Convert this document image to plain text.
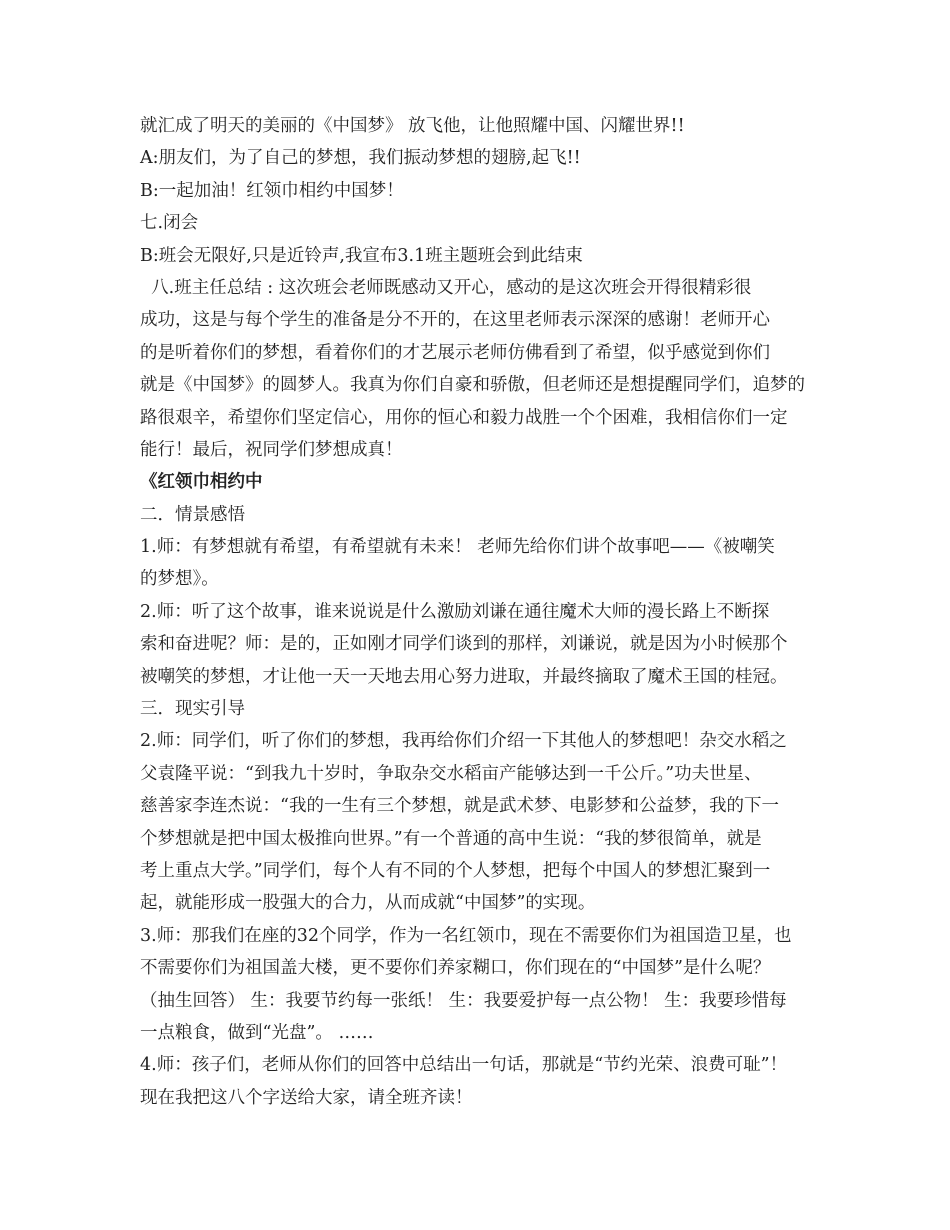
就汇成了明天的美丽的《中国梦》 放飞他，让他照耀中国、闪耀世界!!
A:朋友们，为了自己的梦想，我们振动梦想的翅膀,起飞!!
B:一起加油！红领巾相约中国梦！
七.闭会
B:班会无限好,只是近铃声,我宣布3.1班主题班会到此结束
八.班主任总结 : 这次班会老师既感动又开心，感动的是这次班会开得很精彩很
成功，这是与每个学生的准备是分不开的，在这里老师表示深深的感谢！老师开心
的是听着你们的梦想，看着你们的才艺展示老师仿佛看到了希望，似乎感觉到你们
就是《中国梦》的圆梦人。我真为你们自豪和骄傲，但老师还是想提醒同学们，追梦的
路很艰辛，希望你们坚定信心，用你的恒心和毅力战胜一个个困难，我相信你们一定
能行！最后，祝同学们梦想成真！
《红领巾相约中
二．情景感悟
1.师：有梦想就有希望，有希望就有未来！ 老师先给你们讲个故事吧——《被嘲笑
的梦想》。
2.师：听了这个故事，谁来说说是什么激励刘谦在通往魔术大师的漫长路上不断探
索和奋进呢？师：是的，正如刚才同学们谈到的那样，刘谦说，就是因为小时候那个
被嘲笑的梦想，才让他一天一天地去用心努力进取，并最终摘取了魔术王国的桂冠。
三．现实引导
2.师：同学们，听了你们的梦想，我再给你们介绍一下其他人的梦想吧！杂交水稻之
父袁隆平说：“到我九十岁时，争取杂交水稻亩产能够达到一千公斤。”功夫世星、
慈善家李连杰说：“我的一生有三个梦想，就是武术梦、电影梦和公益梦，我的下一
个梦想就是把中国太极推向世界。”有一个普通的高中生说：“我的梦很简单，就是
考上重点大学。”同学们，每个人有不同的个人梦想，把每个中国人的梦想汇聚到一
起，就能形成一股强大的合力，从而成就“中国梦”的实现。
3.师：那我们在座的32个同学，作为一名红领巾，现在不需要你们为祖国造卫星，也
不需要你们为祖国盖大楼，更不要你们养家糊口，你们现在的“中国梦”是什么呢？
（抽生回答） 生：我要节约每一张纸！ 生：我要爱护每一点公物！ 生：我要珍惜每
一点粮食，做到“光盘”。 ……
4.师：孩子们，老师从你们的回答中总结出一句话，那就是“节约光荣、浪费可耻”！
现在我把这八个字送给大家，请全班齐读！
